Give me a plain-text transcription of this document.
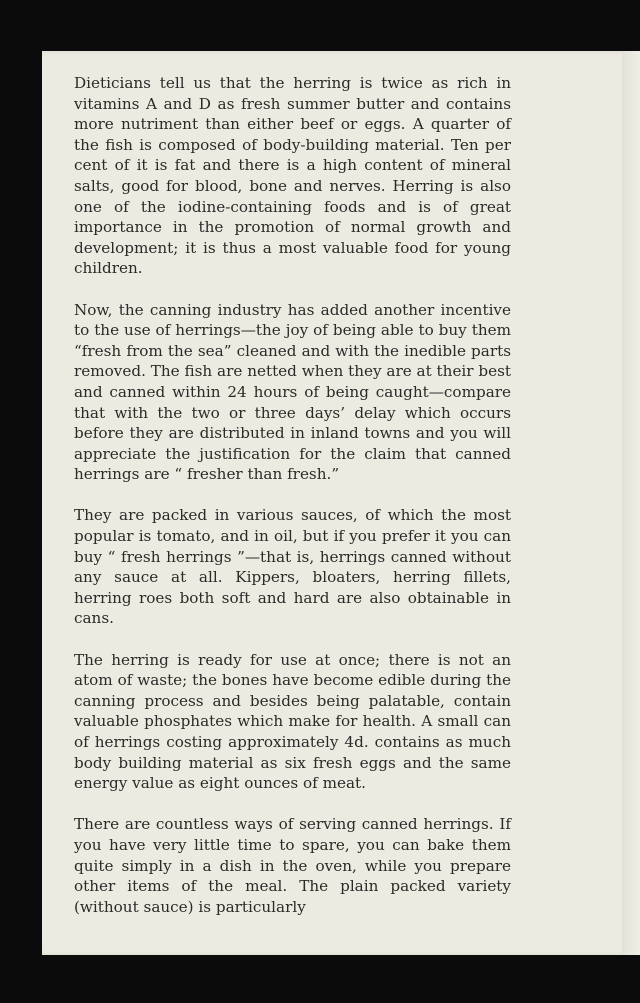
Dieticians tell us that the herring is twice as rich in vitamins A and D as fresh summer butter and contains more nutriment than either beef or eggs. A quarter of the fish is composed of body-building material. Ten per cent of it is fat and there is a high content of mineral salts, good for blood, bone and nerves. Herring is also one of the iodine-containing foods and is of great importance in the promotion of normal growth and development; it is thus a most valuable food for young children.

Now, the canning industry has added another incentive to the use of herrings—the joy of being able to buy them “fresh from the sea” cleaned and with the inedible parts removed. The fish are netted when they are at their best and canned within 24 hours of being caught—compare that with the two or three days’ delay which occurs before they are distributed in inland towns and you will appreciate the justification for the claim that canned herrings are “ fresher than fresh.”

They are packed in various sauces, of which the most popular is tomato, and in oil, but if you prefer it you can buy “ fresh herrings ”—that is, herrings canned without any sauce at all. Kippers, bloaters, herring fillets, herring roes both soft and hard are also obtainable in cans.

The herring is ready for use at once; there is not an atom of waste; the bones have become edible during the canning process and besides being palatable, contain valuable phosphates which make for health. A small can of herrings costing approximately 4d. contains as much body building material as six fresh eggs and the same energy value as eight ounces of meat.

There are countless ways of serving canned herrings. If you have very little time to spare, you can bake them quite simply in a dish in the oven, while you prepare other items of the meal. The plain packed variety (without sauce) is particularly
